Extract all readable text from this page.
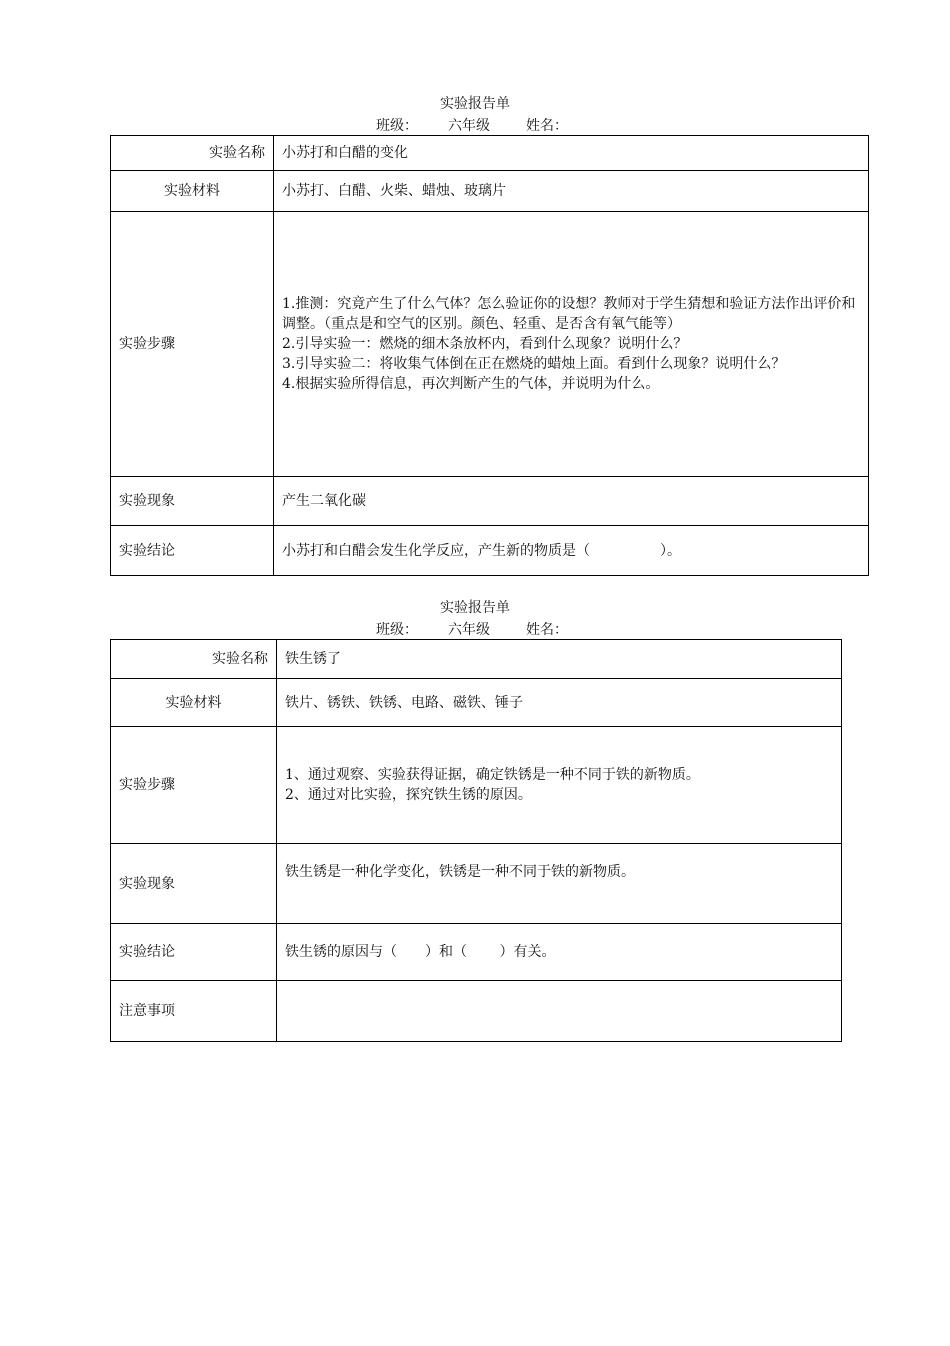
实验报告单
班级： 六年级	姓名：
实验名称	小苏打和白醋的变化
实验材料	小苏打、白醋、火柴、蜡烛、玻璃片
实验步骤	1.推测：究竟产生了什么气体？怎么验证你的设想？教师对于学生猜想和验证方法作出评价和调整。（重点是和空气的区别。颜色、轻重、是否含有氧气能等）
2.引导实验一：燃烧的细木条放杯内，看到什么现象？说明什么？
3.引导实验二：将收集气体倒在正在燃烧的蜡烛上面。看到什么现象？说明什么？
4.根据实验所得信息，再次判断产生的气体，并说明为什么。

实验现象	产生二氧化碳
实验结论	小苏打和白醋会发生化学反应，产生新的物质是（　　　　　）。
实验报告单
班级： 六年级	姓名：
实验名称	铁生锈了
实验材料	铁片、锈铁、铁锈、电路、磁铁、锤子
实验步骤	1、通过观察、实验获得证据，确定铁锈是一种不同于铁的新物质。
2、通过对比实验，探究铁生锈的原因。

实验现象	铁生锈是一种化学变化，铁锈是一种不同于铁的新物质。
实验结论	铁生锈的原因与（　　）和（　　 ）有关。
注意事项	
